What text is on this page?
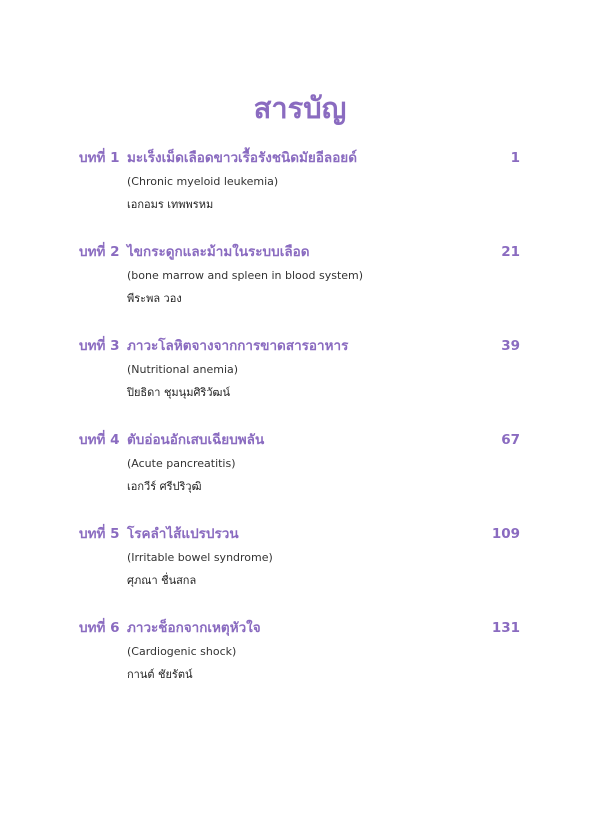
สารบัญ
บทที่ 1 มะเร็งเม็ดเลือดขาวเรื้อรังชนิดมัยอีลอยด์	1
(Chronic myeloid leukemia)
เอกอมร เทพพรหม
บทที่ 2 ไขกระดูกและม้ามในระบบเลือด	21
(bone marrow and spleen in blood system)
พีระพล วอง
บทที่ 3 ภาวะโลหิตจางจากการขาดสารอาหาร	39
(Nutritional anemia)
ปิยธิดา ชุมนุมศิริวัฒน์
บทที่ 4 ตับอ่อนอักเสบเฉียบพลัน	67
(Acute pancreatitis)
เอกวีร์ ศรีปริวุฒิ
บทที่ 5 โรคลำไส้แปรปรวน	109
(Irritable bowel syndrome)
ศุภณา ชื่นสกล
บทที่ 6 ภาวะช็อกจากเหตุหัวใจ	131
(Cardiogenic shock)
กานต์ ชัยรัตน์
